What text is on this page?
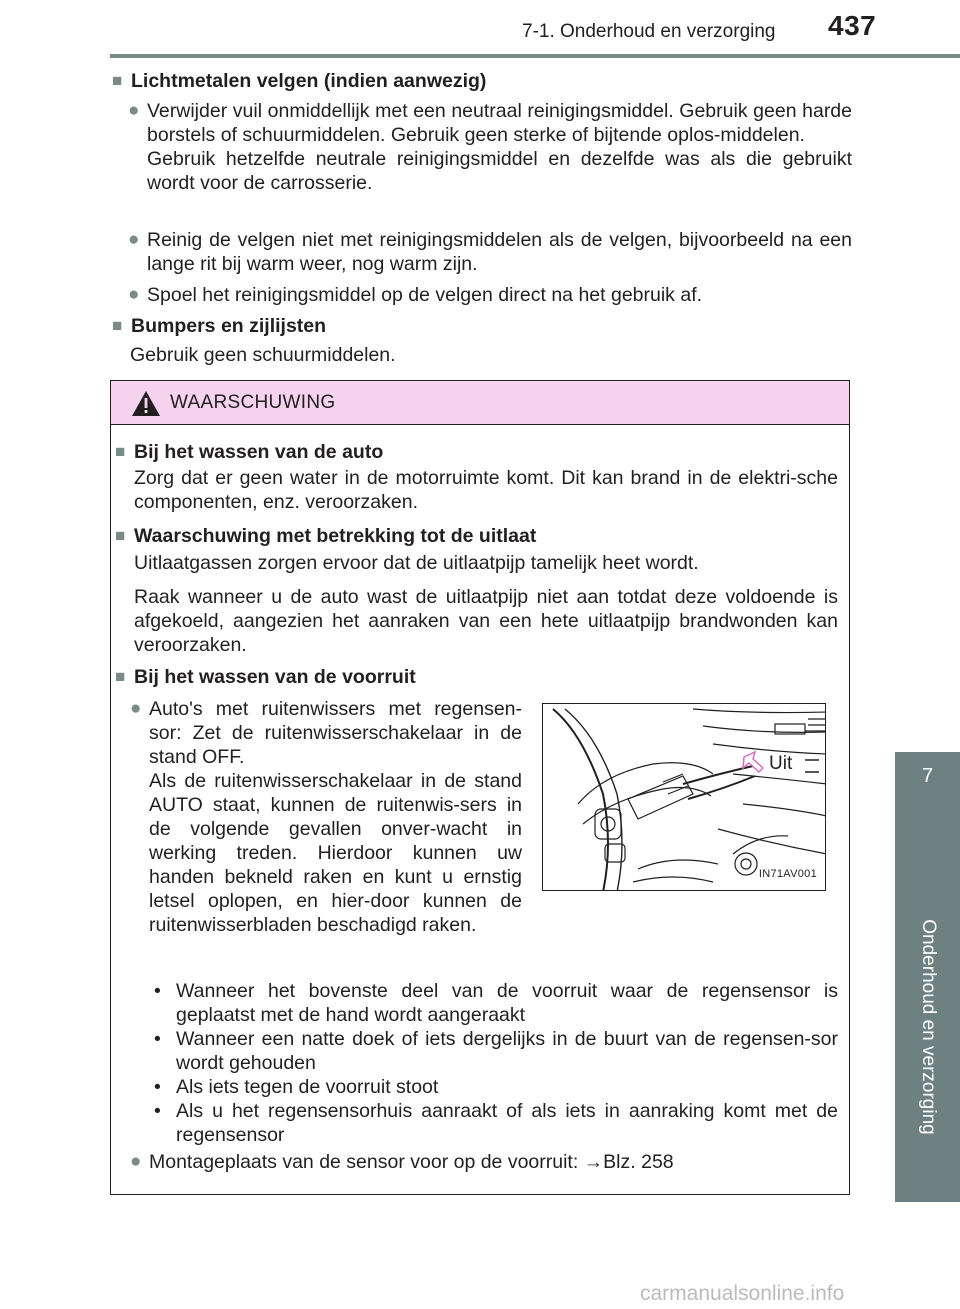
7-1. Onderhoud en verzorging 437
7
Onderhoud en verzorging
■ Lichtmetalen velgen (indien aanwezig)
● Verwijder vuil onmiddellijk met een neutraal reinigingsmiddel. Gebruik geen harde borstels of schuurmiddelen. Gebruik geen sterke of bijtende oplos-middelen.

Gebruik hetzelfde neutrale reinigingsmiddel en dezelfde was als die gebruikt wordt voor de carrosserie.

● Reinig de velgen niet met reinigingsmiddelen als de velgen, bijvoorbeeld na een lange rit bij warm weer, nog warm zijn.

● Spoel het reinigingsmiddel op de velgen direct na het gebruik af.

■ Bumpers en zijlijsten
Gebruik geen schuurmiddelen.
WAARSCHUWING
■ Bij het wassen van de auto
Zorg dat er geen water in de motorruimte komt. Dit kan brand in de elektri-sche componenten, enz. veroorzaken.
■ Waarschuwing met betrekking tot de uitlaat
Uitlaatgassen zorgen ervoor dat de uitlaatpijp tamelijk heet wordt.
Raak wanneer u de auto wast de uitlaatpijp niet aan totdat deze voldoende is afgekoeld, aangezien het aanraken van een hete uitlaatpijp brandwonden kan veroorzaken.
■ Bij het wassen van de voorruit
● Auto's met ruitenwissers met regensen-sor: Zet de ruitenwisserschakelaar in de stand OFF.

Als de ruitenwisserschakelaar in de stand AUTO staat, kunnen de ruitenwis-sers in de volgende gevallen onver-wacht in werking treden. Hierdoor kunnen uw handen bekneld raken en kunt u ernstig letsel oplopen, en hier-door kunnen de ruitenwisserbladen beschadigd raken.

Uit
IN71AV001
• Wanneer het bovenste deel van de voorruit waar de regensensor is geplaatst met de hand wordt aangeraakt

• Wanneer een natte doek of iets dergelijks in de buurt van de regensen-sor wordt gehouden

• Als iets tegen de voorruit stoot

• Als u het regensensorhuis aanraakt of als iets in aanraking komt met de regensensor

● Montageplaats van de sensor voor op de voorruit: →Blz. 258

carmanualsonline.info
